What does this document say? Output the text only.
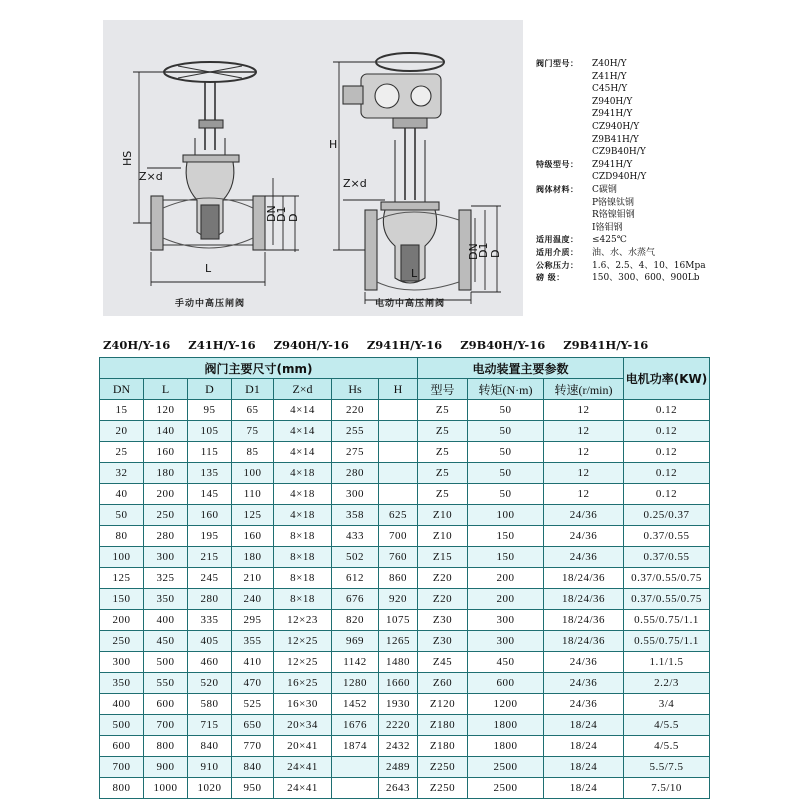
HS
Z×d
L
DN
D1 D
H
Z×d
L
DN
D1 D
手动中高压闸阀	电动中高压闸阀
阀门型号：	Z40H/Y
Z41H/Y
C45H/Y
Z940H/Y
Z941H/Y
CZ940H/Y
Z9B41H/Y
CZ9B40H/Y
特级型号：	Z941H/Y
CZD940H/Y
阀体材料：	C碳钢
P铬镍钛钢
R铬镍钼钢
I铬钼钢
适用温度：	≤425℃
适用介质：	油、水、水蒸气
公称压力：	1.6、2.5、4、10、16Mpa
磅 级：	150、300、600、900Lb
Z40H/Y-16 Z41H/Y-16 Z940H/Y-16 Z941H/Y-16 Z9B40H/Y-16 Z9B41H/Y-16
阀门主要尺寸(mm)							电动装置主要参数			电机功率(KW)
DN	L	D	D1	Z×d	Hs	H	型号	转矩(N·m)	转速(r/min)	
15	120	95	65	4×14	220		Z5	50	12	0.12
20	140	105	75	4×14	255		Z5	50	12	0.12
25	160	115	85	4×14	275		Z5	50	12	0.12
32	180	135	100	4×18	280		Z5	50	12	0.12
40	200	145	110	4×18	300		Z5	50	12	0.12
50	250	160	125	4×18	358	625	Z10	100	24/36	0.25/0.37
80	280	195	160	8×18	433	700	Z10	150	24/36	0.37/0.55
100	300	215	180	8×18	502	760	Z15	150	24/36	0.37/0.55
125	325	245	210	8×18	612	860	Z20	200	18/24/36	0.37/0.55/0.75
150	350	280	240	8×18	676	920	Z20	200	18/24/36	0.37/0.55/0.75
200	400	335	295	12×23	820	1075	Z30	300	18/24/36	0.55/0.75/1.1
250	450	405	355	12×25	969	1265	Z30	300	18/24/36	0.55/0.75/1.1
300	500	460	410	12×25	1142	1480	Z45	450	24/36	1.1/1.5
350	550	520	470	16×25	1280	1660	Z60	600	24/36	2.2/3
400	600	580	525	16×30	1452	1930	Z120	1200	24/36	3/4
500	700	715	650	20×34	1676	2220	Z180	1800	18/24	4/5.5
600	800	840	770	20×41	1874	2432	Z180	1800	18/24	4/5.5
700	900	910	840	24×41		2489	Z250	2500	18/24	5.5/7.5
800	1000	1020	950	24×41		2643	Z250	2500	18/24	7.5/10
